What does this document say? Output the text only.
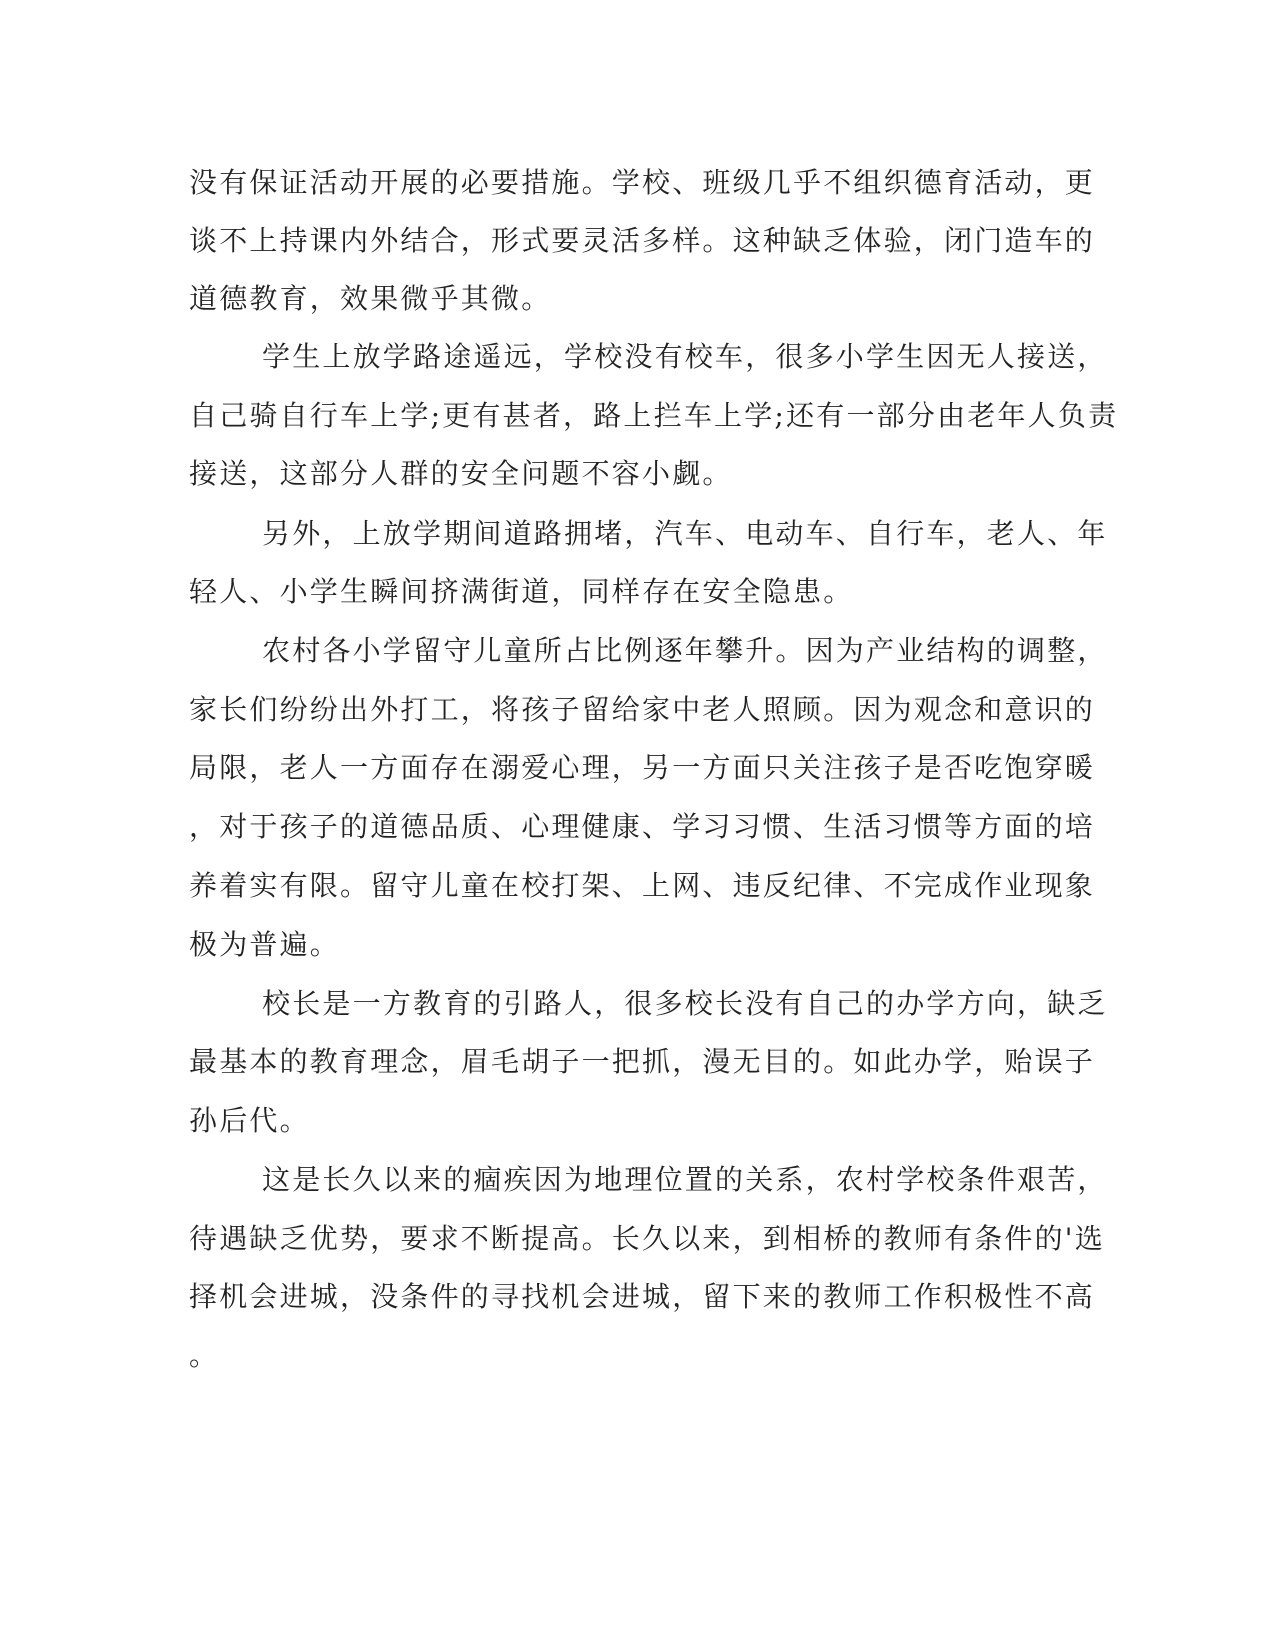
没有保证活动开展的必要措施。学校、班级几乎不组织德育活动，更
谈不上持课内外结合，形式要灵活多样。这种缺乏体验，闭门造车的
道德教育，效果微乎其微。
学生上放学路途遥远，学校没有校车，很多小学生因无人接送，
自己骑自行车上学;更有甚者，路上拦车上学;还有一部分由老年人负责
接送，这部分人群的安全问题不容小觑。
另外，上放学期间道路拥堵，汽车、电动车、自行车，老人、年
轻人、小学生瞬间挤满街道，同样存在安全隐患。
农村各小学留守儿童所占比例逐年攀升。因为产业结构的调整，
家长们纷纷出外打工，将孩子留给家中老人照顾。因为观念和意识的
局限，老人一方面存在溺爱心理，另一方面只关注孩子是否吃饱穿暖
，对于孩子的道德品质、心理健康、学习习惯、生活习惯等方面的培
养着实有限。留守儿童在校打架、上网、违反纪律、不完成作业现象
极为普遍。
校长是一方教育的引路人，很多校长没有自己的办学方向，缺乏
最基本的教育理念，眉毛胡子一把抓，漫无目的。如此办学，贻误子
孙后代。
这是长久以来的痼疾因为地理位置的关系，农村学校条件艰苦，
待遇缺乏优势，要求不断提高。长久以来，到相桥的教师有条件的'选
择机会进城，没条件的寻找机会进城，留下来的教师工作积极性不高
。
